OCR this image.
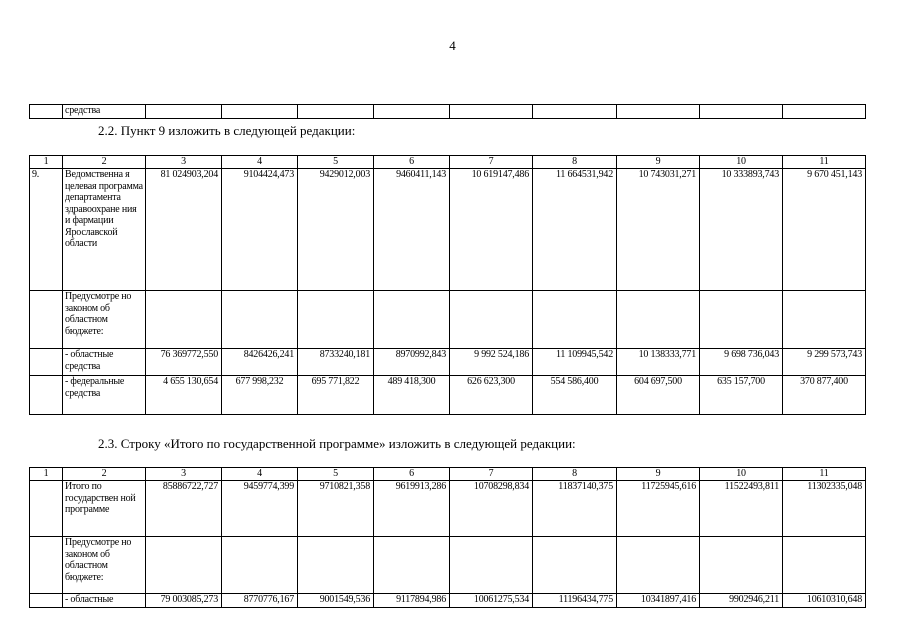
4
	средства									
2.2. Пункт 9 изложить в следующей редакции:
1	2	3	4	5	6	7	8	9	10	11
9.	Ведомственна я целевая программа департамента здравоохране ния и фармации Ярославской области	81 024903,204	9104424,473	9429012,003	9460411,143	10 619147,486	11 664531,942	10 743031,271	10 333893,743	9 670 451,143
	Предусмотре но законом об областном бюджете:									
	- областные средства	76 369772,550	8426426,241	8733240,181	8970992,843	9 992 524,186	11 109945,542	10 138333,771	9 698 736,043	9 299 573,743
	- федеральные средства	4 655 130,654	677 998,232	695 771,822	489 418,300	626 623,300	554 586,400	604 697,500	635 157,700	370 877,400
2.3. Строку «Итого по государственной программе» изложить в следующей редакции:
1	2	3	4	5	6	7	8	9	10	11
	Итого по государствен ной программе	85886722,727	9459774,399	9710821,358	9619913,286	10708298,834	11837140,375	11725945,616	11522493,811	11302335,048
	Предусмотре но законом об областном бюджете:									
	- областные	79 003085,273	8770776,167	9001549,536	9117894,986	10061275,534	11196434,775	10341897,416	9902946,211	10610310,648
